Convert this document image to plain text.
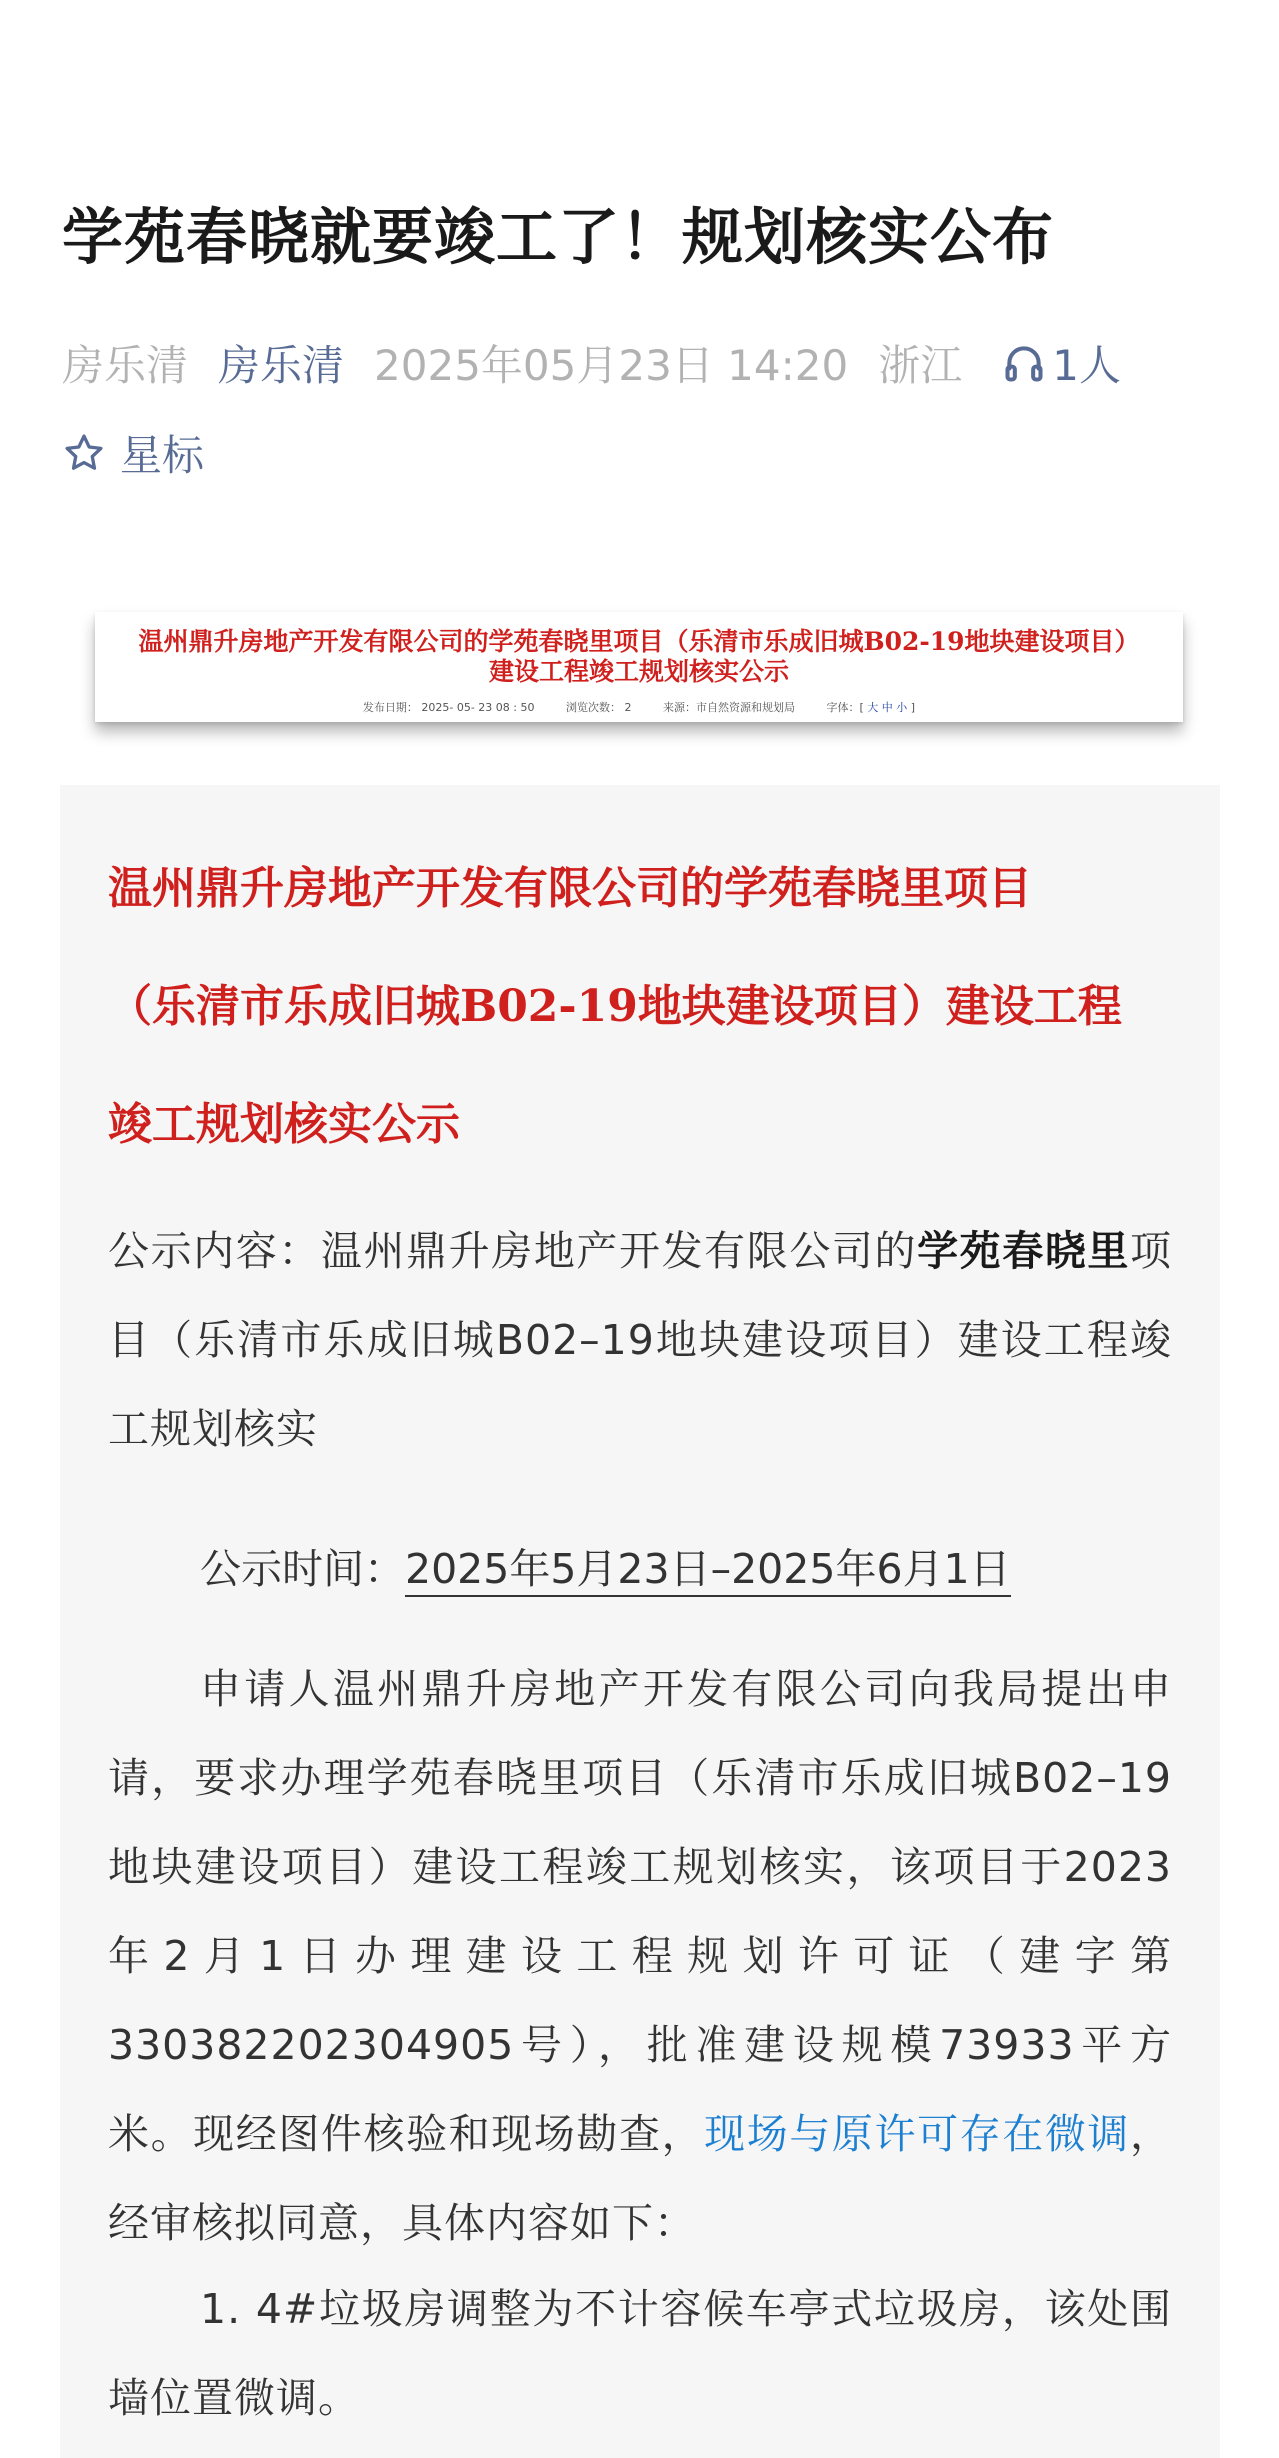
学苑春晓就要竣工了！规划核实公布
房乐清 房乐清 2025年05月23日 14:20 浙江 1人
星标
温州鼎升房地产开发有限公司的学苑春晓里项目（乐清市乐成旧城B02-19地块建设项目）
建设工程竣工规划核实公示
发布日期： 2025- 05- 23 08 : 50	浏览次数： 2	来源：市自然资源和规划局	字体：[ 大 中 小 ]
温州鼎升房地产开发有限公司的学苑春晓里项目
（乐清市乐成旧城B02-19地块建设项目）建设工程
竣工规划核实公示

公示内容：温州鼎升房地产开发有限公司的学苑春晓里项目（乐清市乐成旧城B02–19地块建设项目）建设工程竣工规划核实

公示时间：2025年5月23日–2025年6月1日

申请人温州鼎升房地产开发有限公司向我局提出申请，要求办理学苑春晓里项目（乐清市乐成旧城B02–19地块建设项目）建设工程竣工规划核实，该项目于2023年2月1日办理建设工程规划许可证（建字第330382202304905号），批准建设规模73933平方米。现经图件核验和现场勘查，现场与原许可存在微调，经审核拟同意，具体内容如下：

1. 4#垃圾房调整为不计容候车亭式垃圾房，该处围墙位置微调。
